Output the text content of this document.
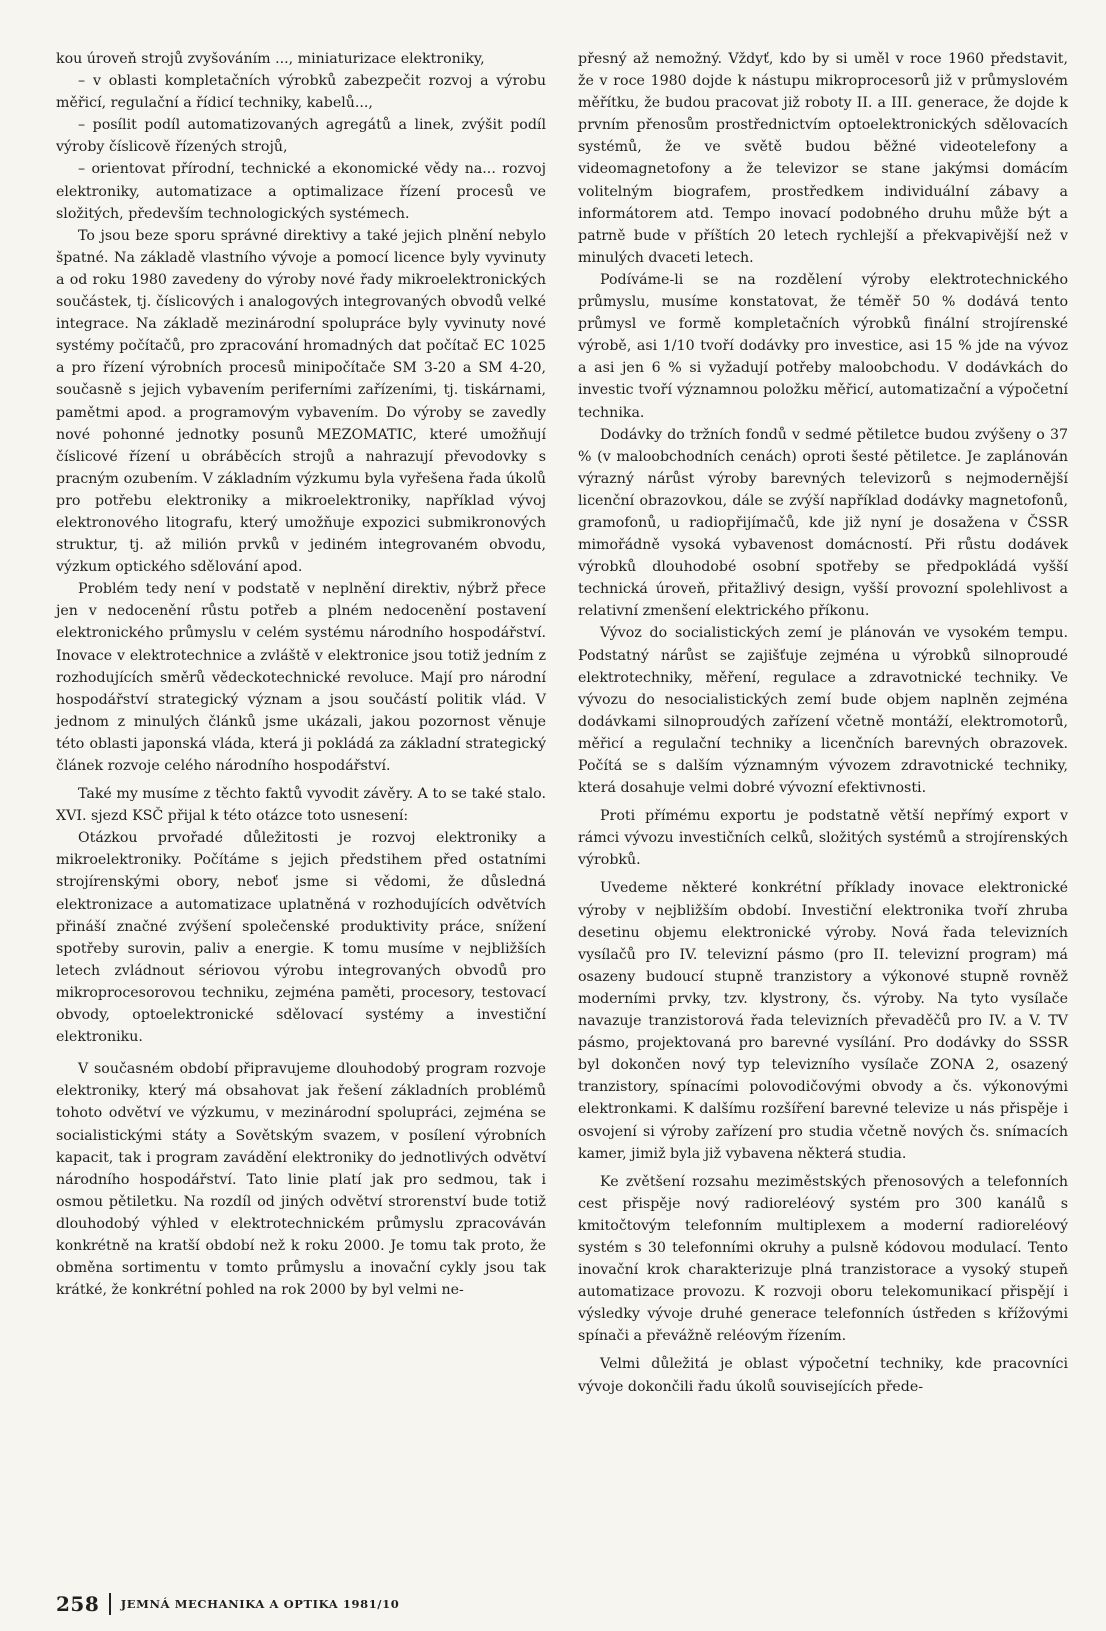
kou úroveň strojů zvyšováním ..., miniaturizace elektroniky,

– v oblasti kompletačních výrobků zabezpečit rozvoj a výrobu měřicí, regulační a řídicí techniky, kabelů...,

– posílit podíl automatizovaných agregátů a linek, zvýšit podíl výroby číslicově řízených strojů,

– orientovat přírodní, technické a ekonomické vědy na... rozvoj elektroniky, automatizace a optimalizace řízení procesů ve složitých, především technologických systémech.

To jsou beze sporu správné direktivy a také jejich plnění nebylo špatné. Na základě vlastního vývoje a pomocí licence byly vyvinuty a od roku 1980 zavedeny do výroby nové řady mikroelektronických součástek, tj. číslicových i analogových integrovaných obvodů velké integrace. Na základě mezinárodní spolupráce byly vyvinuty nové systémy počítačů, pro zpracování hromadných dat počítač EC 1025 a pro řízení výrobních procesů minipočítače SM 3-20 a SM 4-20, současně s jejich vybavením periferními zařízeními, tj. tiskárnami, pamětmi apod. a programovým vybavením. Do výroby se zavedly nové pohonné jednotky posunů MEZOMATIC, které umožňují číslicové řízení u obráběcích strojů a nahrazují převodovky s pracným ozubením. V základním výzkumu byla vyřešena řada úkolů pro potřebu elektroniky a mikroelektroniky, například vývoj elektronového litografu, který umožňuje expozici submikronových struktur, tj. až milión prvků v jediném integrovaném obvodu, výzkum optického sdělování apod.

Problém tedy není v podstatě v neplnění direktiv, nýbrž přece jen v nedocenění růstu potřeb a plném nedocenění postavení elektronického průmyslu v celém systému národního hospodářství. Inovace v elektrotechnice a zvláště v elektronice jsou totiž jedním z rozhodujících směrů vědeckotechnické revoluce. Mají pro národní hospodářství strategický význam a jsou součástí politik vlád. V jednom z minulých článků jsme ukázali, jakou pozornost věnuje této oblasti japonská vláda, která ji pokládá za základní strategický článek rozvoje celého národního hospodářství.

Také my musíme z těchto faktů vyvodit závěry. A to se také stalo. XVI. sjezd KSČ přijal k této otázce toto usnesení:

Otázkou prvořadé důležitosti je rozvoj elektroniky a mikroelektroniky. Počítáme s jejich předstihem před ostatními strojírenskými obory, neboť jsme si vědomi, že důsledná elektronizace a automatizace uplatněná v rozhodujících odvětvích přináší značné zvýšení společenské produktivity práce, snížení spotřeby surovin, paliv a energie. K tomu musíme v nejbližších letech zvládnout sériovou výrobu integrovaných obvodů pro mikroprocesorovou techniku, zejména paměti, procesory, testovací obvody, optoelektronické sdělovací systémy a investiční elektroniku.

V současném období připravujeme dlouhodobý program rozvoje elektroniky, který má obsahovat jak řešení základních problémů tohoto odvětví ve výzkumu, v mezinárodní spolupráci, zejména se socialistickými státy a Sovětským svazem, v posílení výrobních kapacit, tak i program zavádění elektroniky do jednotlivých odvětví národního hospodářství. Tato linie platí jak pro sedmou, tak i osmou pětiletku. Na rozdíl od jiných odvětví strorenství bude totiž dlouhodobý výhled v elektrotechnickém průmyslu zpracováván konkrétně na kratší období než k roku 2000. Je tomu tak proto, že obměna sortimentu v tomto průmyslu a inovační cykly jsou tak krátké, že konkrétní pohled na rok 2000 by byl velmi ne-

přesný až nemožný. Vždyť, kdo by si uměl v roce 1960 představit, že v roce 1980 dojde k nástupu mikroprocesorů již v průmyslovém měřítku, že budou pracovat již roboty II. a III. generace, že dojde k prvním přenosům prostřednictvím optoelektronických sdělovacích systémů, že ve světě budou běžné videotelefony a videomagnetofony a že televizor se stane jakýmsi domácím volitelným biografem, prostředkem individuální zábavy a informátorem atd. Tempo inovací podobného druhu může být a patrně bude v příštích 20 letech rychlejší a překvapivější než v minulých dvaceti letech.

Podíváme-li se na rozdělení výroby elektrotechnického průmyslu, musíme konstatovat, že téměř 50 % dodává tento průmysl ve formě kompletačních výrobků finální strojírenské výrobě, asi 1/10 tvoří dodávky pro investice, asi 15 % jde na vývoz a asi jen 6 % si vyžadují potřeby maloobchodu. V dodávkách do investic tvoří významnou položku měřicí, automatizační a výpočetní technika.

Dodávky do tržních fondů v sedmé pětiletce budou zvýšeny o 37 % (v maloobchodních cenách) oproti šesté pětiletce. Je zaplánován výrazný nárůst výroby barevných televizorů s nejmodernější licenční obrazovkou, dále se zvýší například dodávky magnetofonů, gramofonů, u radiopřijímačů, kde již nyní je dosažena v ČSSR mimořádně vysoká vybavenost domácností. Při růstu dodávek výrobků dlouhodobé osobní spotřeby se předpokládá vyšší technická úroveň, přitažlivý design, vyšší provozní spolehlivost a relativní zmenšení elektrického příkonu.

Vývoz do socialistických zemí je plánován ve vysokém tempu. Podstatný nárůst se zajišťuje zejména u výrobků silnoproudé elektrotechniky, měření, regulace a zdravotnické techniky. Ve vývozu do nesocialistických zemí bude objem naplněn zejména dodávkami silnoproudých zařízení včetně montáží, elektromotorů, měřicí a regulační techniky a licenčních barevných obrazovek. Počítá se s dalším významným vývozem zdravotnické techniky, která dosahuje velmi dobré vývozní efektivnosti.

Proti přímému exportu je podstatně větší nepřímý export v rámci vývozu investičních celků, složitých systémů a strojírenských výrobků.

Uvedeme některé konkrétní příklady inovace elektronické výroby v nejbližším období. Investiční elektronika tvoří zhruba desetinu objemu elektronické výroby. Nová řada televizních vysílačů pro IV. televizní pásmo (pro II. televizní program) má osazeny budoucí stupně tranzistory a výkonové stupně rovněž moderními prvky, tzv. klystrony, čs. výroby. Na tyto vysílače navazuje tranzistorová řada televizních převaděčů pro IV. a V. TV pásmo, projektovaná pro barevné vysílání. Pro dodávky do SSSR byl dokončen nový typ televizního vysílače ZONA 2, osazený tranzistory, spínacími polovodičovými obvody a čs. výkonovými elektronkami. K dalšímu rozšíření barevné televize u nás přispěje i osvojení si výroby zařízení pro studia včetně nových čs. snímacích kamer, jimiž byla již vybavena některá studia.

Ke zvětšení rozsahu meziměstských přenosových a telefonních cest přispěje nový radioreléový systém pro 300 kanálů s kmitočtovým telefonním multiplexem a moderní radioreléový systém s 30 telefonními okruhy a pulsně kódovou modulací. Tento inovační krok charakterizuje plná tranzistorace a vysoký stupeň automatizace provozu. K rozvoji oboru telekomunikací přispějí i výsledky vývoje druhé generace telefonních ústředen s křížovými spínači a převážně reléovým řízením.

Velmi důležitá je oblast výpočetní techniky, kde pracovníci vývoje dokončili řadu úkolů souvisejících přede-

258 JEMNÁ MECHANIKA A OPTIKA 1981/10
